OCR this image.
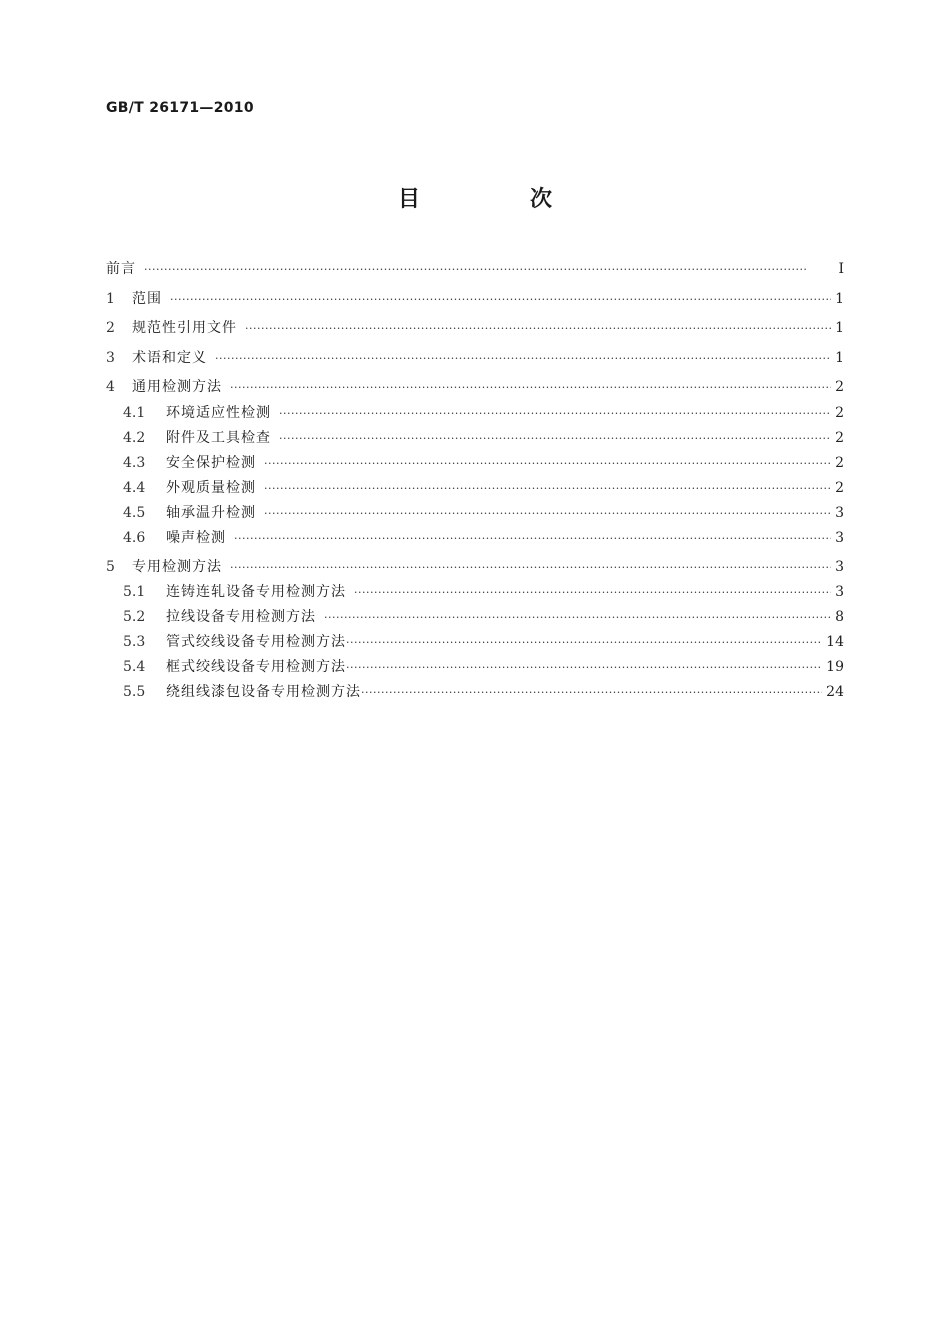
GB/T 26171—2010
目　次
前言 ·····	Ⅰ
1	范围 ·····	1
2	规范性引用文件 ·····	1
3	术语和定义 ·····	1
4	通用检测方法 ·····	2
4.1	环境适应性检测 ·····	2
4.2	附件及工具检查 ·····	2
4.3	安全保护检测 ·····	2
4.4	外观质量检测 ·····	2
4.5	轴承温升检测 ·····	3
4.6	噪声检测 ·····	3
5	专用检测方法 ·····	3
5.1	连铸连轧设备专用检测方法 ·····	3
5.2	拉线设备专用检测方法 ·····	8
5.3	管式绞线设备专用检测方法 ·····	14
5.4	框式绞线设备专用检测方法 ·····	19
5.5	绕组线漆包设备专用检测方法 ·····	24
